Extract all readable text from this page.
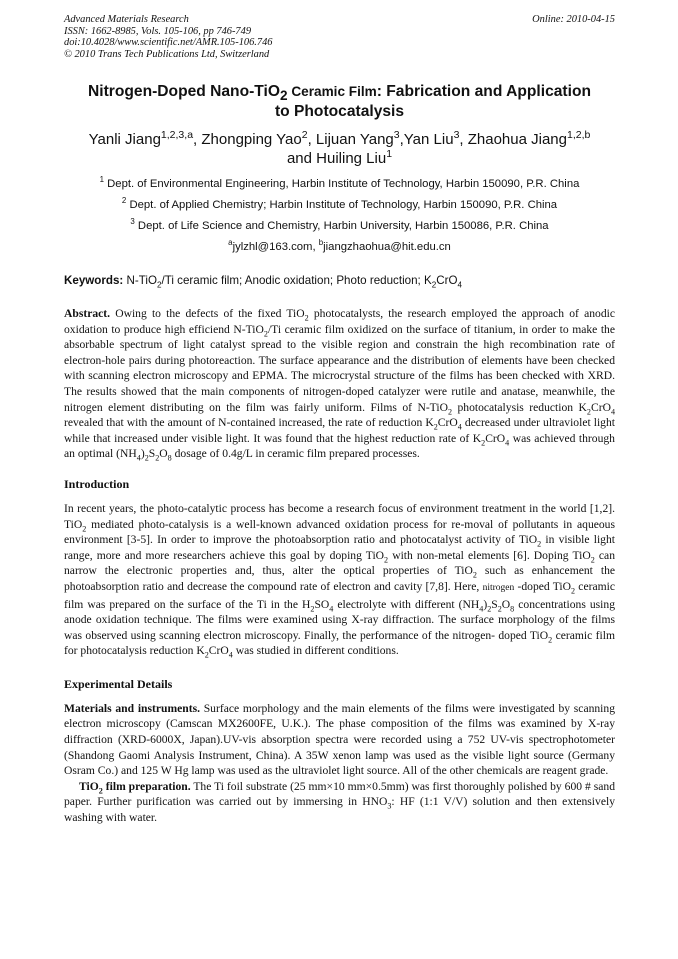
Advanced Materials Research
ISSN: 1662-8985, Vols. 105-106, pp 746-749
doi:10.4028/www.scientific.net/AMR.105-106.746
© 2010 Trans Tech Publications Ltd, Switzerland
Online: 2010-04-15
Nitrogen-Doped Nano-TiO$_2$ Ceramic Film: Fabrication and Application to Photocatalysis
Yanli Jiang$^{1,2,3,a}$, Zhongping Yao$^2$, Lijuan Yang$^3$,Yan Liu$^3$, Zhaohua Jiang$^{1,2,b}$
and Huiling Liu$^1$
$^1$ Dept. of Environmental Engineering, Harbin Institute of Technology, Harbin 150090, P.R. China
$^2$ Dept. of Applied Chemistry; Harbin Institute of Technology, Harbin 150090, P.R. China
$^3$ Dept. of Life Science and Chemistry, Harbin University, Harbin 150086, P.R. China
$^a$jylzhl@163.com, $^b$jiangzhaohua@hit.edu.cn
Keywords: N-TiO$_2$/Ti ceramic film; Anodic oxidation; Photo reduction; $K_2CrO_4$

Abstract. Owing to the defects of the fixed TiO$_2$ photocatalysts, the research employed the approach of anodic oxidation to produce high efficiend N-TiO$_2$/Ti ceramic film oxidized on the surface of titanium, in order to make the absorbable spectrum of light catalyst spread to the visible region and constrain the high recombination rate of electron-hole pairs during photoreaction. The surface appearance and the distribution of elements have been checked with scanning electron microscopy and EPMA. The microcrystal structure of the films has been checked with XRD. The results showed that the main components of nitrogen-doped catalyzer were rutile and anatase, meanwhile, the nitrogen element distributing on the film was fairly uniform. Films of N-TiO$_2$ photocatalysis reduction $K_2CrO_4$ revealed that with the amount of N-contained increased, the rate of reduction $K_2CrO_4$ decreased under ultraviolet light while that increased under visible light. It was found that the highest reduction rate of $K_2CrO_4$ was achieved through an optimal $(NH_4)_2S_2O_8$ dosage of 0.4g/L in ceramic film prepared processes.

Introduction

In recent years, the photo-catalytic process has become a research focus of environment treatment in the world [1,2]. TiO$_2$ mediated photo-catalysis is a well-known advanced oxidation process for re-moval of pollutants in aqueous environment [3-5]. In order to improve the photoabsorption ratio and photocatalyst activity of TiO$_2$ in visible light range, more and more researchers achieve this goal by doping TiO$_2$ with non-metal elements [6]. Doping TiO$_2$ can narrow the electronic properties and, thus, alter the optical properties of TiO$_2$ such as enhancement the photoabsorption ratio and decrease the compound rate of electron and cavity [7,8]. Here, nitrogen -doped TiO$_2$ ceramic film was prepared on the surface of the Ti in the $H_2SO_4$ electrolyte with different $(NH_4)_2S_2O_8$ concentrations using anode oxidation technique. The films were examined using X-ray diffraction. The surface morphology of the films was observed using scanning electron microscopy. Finally, the performance of the nitrogen- doped TiO$_2$ ceramic film for photocatalysis reduction $K_2CrO_4$ was studied in different conditions.

Experimental Details

Materials and instruments. Surface morphology and the main elements of the films were investigated by scanning electron microscopy (Camscan MX2600FE, U.K.). The phase composition of the films was examined by X-ray diffraction (XRD-6000X, Japan).UV-vis absorption spectra were recorded using a 752 UV-vis spectrophotometer (Shandong Gaomi Analysis Instrument, China). A 35W xenon lamp was used as the visible light source (Germany Osram Co.) and 125 W Hg lamp was used as the ultraviolet light source. All of the other chemicals are reagent grade.

TiO$_2$ film preparation. The Ti foil substrate (25 mm×10 mm×0.5mm) was first thoroughly polished by 600 # sand paper. Further purification was carried out by immersing in $HNO_3$: HF (1:1 V/V) solution and then extensively washing with water.
